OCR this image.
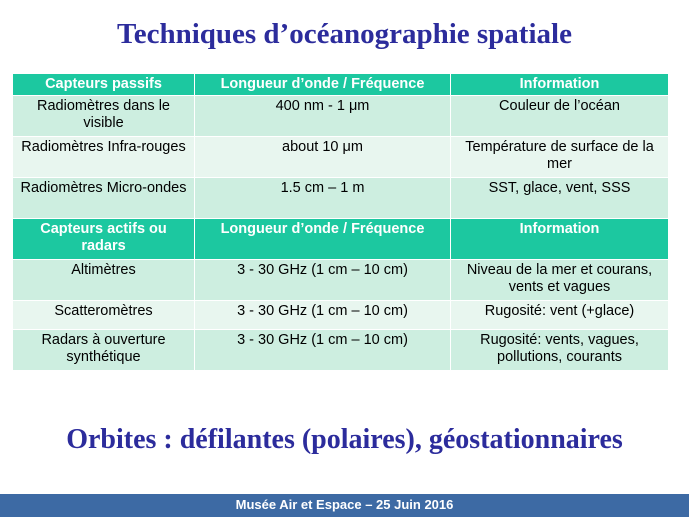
Techniques d’océanographie spatiale
Capteurs passifs	Longueur d’onde / Fréquence	Information
Radiomètres dans le visible	400 nm - 1 μm	Couleur de l’océan
Radiomètres Infra-rouges	about 10 μm	Température de surface de la mer
Radiomètres Micro-ondes	1.5 cm – 1 m	SST, glace, vent, SSS
Capteurs actifs ou radars	Longueur d’onde / Fréquence	Information
Altimètres	3 - 30 GHz (1 cm – 10 cm)	Niveau de la mer et courans, vents et vagues
Scatteromètres	3 - 30 GHz (1 cm – 10 cm)	Rugosité: vent (+glace)
Radars à ouverture synthétique	3 - 30 GHz (1 cm – 10 cm)	Rugosité: vents, vagues, pollutions, courants
Orbites : défilantes (polaires), géostationnaires
Musée Air et Espace – 25 Juin 2016
